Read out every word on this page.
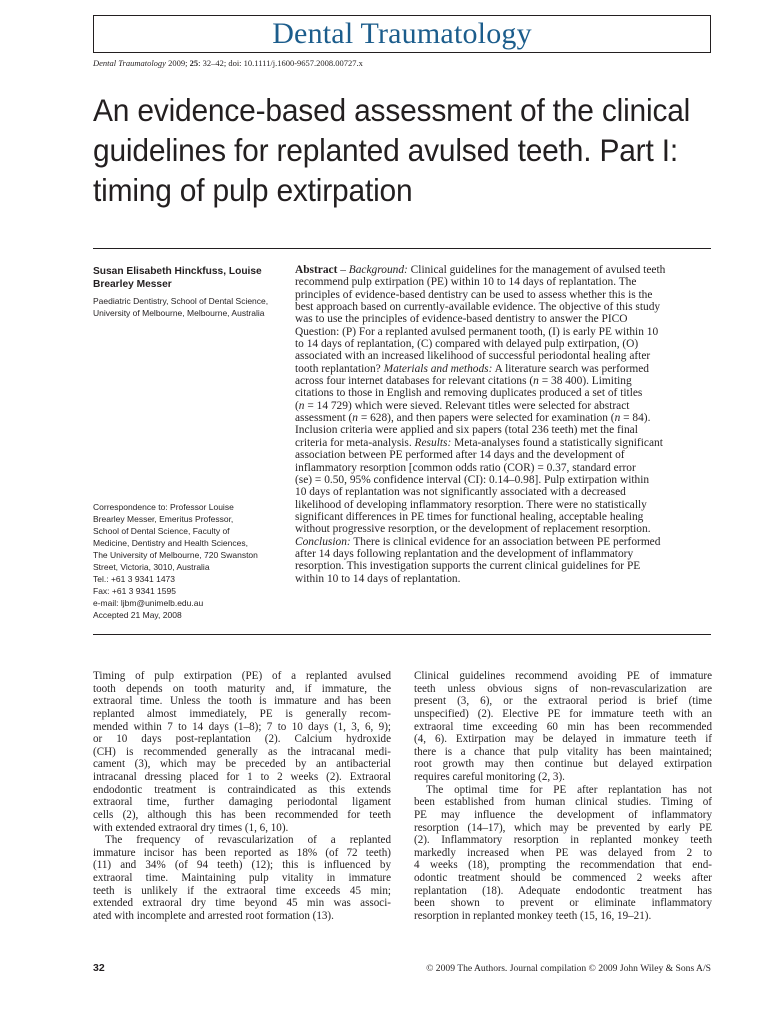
Dental Traumatology
Dental Traumatology 2009; 25: 32–42; doi: 10.1111/j.1600-9657.2008.00727.x
An evidence-based assessment of the clinical
guidelines for replanted avulsed teeth. Part I:
timing of pulp extirpation
Susan Elisabeth Hinckfuss, Louise
Brearley Messer
Paediatric Dentistry, School of Dental Science,
University of Melbourne, Melbourne, Australia
Correspondence to: Professor Louise
Brearley Messer, Emeritus Professor,
School of Dental Science, Faculty of
Medicine, Dentistry and Health Sciences,
The University of Melbourne, 720 Swanston
Street, Victoria, 3010, Australia
Tel.: +61 3 9341 1473
Fax: +61 3 9341 1595
e-mail: ljbm@unimelb.edu.au
Accepted 21 May, 2008
Abstract – Background: Clinical guidelines for the management of avulsed teeth
recommend pulp extirpation (PE) within 10 to 14 days of replantation. The
principles of evidence-based dentistry can be used to assess whether this is the
best approach based on currently-available evidence. The objective of this study
was to use the principles of evidence-based dentistry to answer the PICO
Question: (P) For a replanted avulsed permanent tooth, (I) is early PE within 10
to 14 days of replantation, (C) compared with delayed pulp extirpation, (O)
associated with an increased likelihood of successful periodontal healing after
tooth replantation? Materials and methods: A literature search was performed
across four internet databases for relevant citations (n = 38 400). Limiting
citations to those in English and removing duplicates produced a set of titles
(n = 14 729) which were sieved. Relevant titles were selected for abstract
assessment (n = 628), and then papers were selected for examination (n = 84).
Inclusion criteria were applied and six papers (total 236 teeth) met the final
criteria for meta-analysis. Results: Meta-analyses found a statistically significant
association between PE performed after 14 days and the development of
inflammatory resorption [common odds ratio (COR) = 0.37, standard error
(se) = 0.50, 95% confidence interval (CI): 0.14–0.98]. Pulp extirpation within
10 days of replantation was not significantly associated with a decreased
likelihood of developing inflammatory resorption. There were no statistically
significant differences in PE times for functional healing, acceptable healing
without progressive resorption, or the development of replacement resorption.
Conclusion: There is clinical evidence for an association between PE performed
after 14 days following replantation and the development of inflammatory
resorption. This investigation supports the current clinical guidelines for PE
within 10 to 14 days of replantation.
Timing of pulp extirpation (PE) of a replanted avulsed
tooth depends on tooth maturity and, if immature, the
extraoral time. Unless the tooth is immature and has been
replanted almost immediately, PE is generally recom-
mended within 7 to 14 days (1–8); 7 to 10 days (1, 3, 6, 9);
or 10 days post-replantation (2). Calcium hydroxide
(CH) is recommended generally as the intracanal medi-
cament (3), which may be preceded by an antibacterial
intracanal dressing placed for 1 to 2 weeks (2). Extraoral
endodontic treatment is contraindicated as this extends
extraoral time, further damaging periodontal ligament
cells (2), although this has been recommended for teeth
with extended extraoral dry times (1, 6, 10).
The frequency of revascularization of a replanted
immature incisor has been reported as 18% (of 72 teeth)
(11) and 34% (of 94 teeth) (12); this is influenced by
extraoral time. Maintaining pulp vitality in immature
teeth is unlikely if the extraoral time exceeds 45 min;
extended extraoral dry time beyond 45 min was associ-
ated with incomplete and arrested root formation (13).
Clinical guidelines recommend avoiding PE of immature
teeth unless obvious signs of non-revascularization are
present (3, 6), or the extraoral period is brief (time
unspecified) (2). Elective PE for immature teeth with an
extraoral time exceeding 60 min has been recommended
(4, 6). Extirpation may be delayed in immature teeth if
there is a chance that pulp vitality has been maintained;
root growth may then continue but delayed extirpation
requires careful monitoring (2, 3).
The optimal time for PE after replantation has not
been established from human clinical studies. Timing of
PE may influence the development of inflammatory
resorption (14–17), which may be prevented by early PE
(2). Inflammatory resorption in replanted monkey teeth
markedly increased when PE was delayed from 2 to
4 weeks (18), prompting the recommendation that end-
odontic treatment should be commenced 2 weeks after
replantation (18). Adequate endodontic treatment has
been shown to prevent or eliminate inflammatory
resorption in replanted monkey teeth (15, 16, 19–21).
32	© 2009 The Authors. Journal compilation © 2009 John Wiley & Sons A/S
